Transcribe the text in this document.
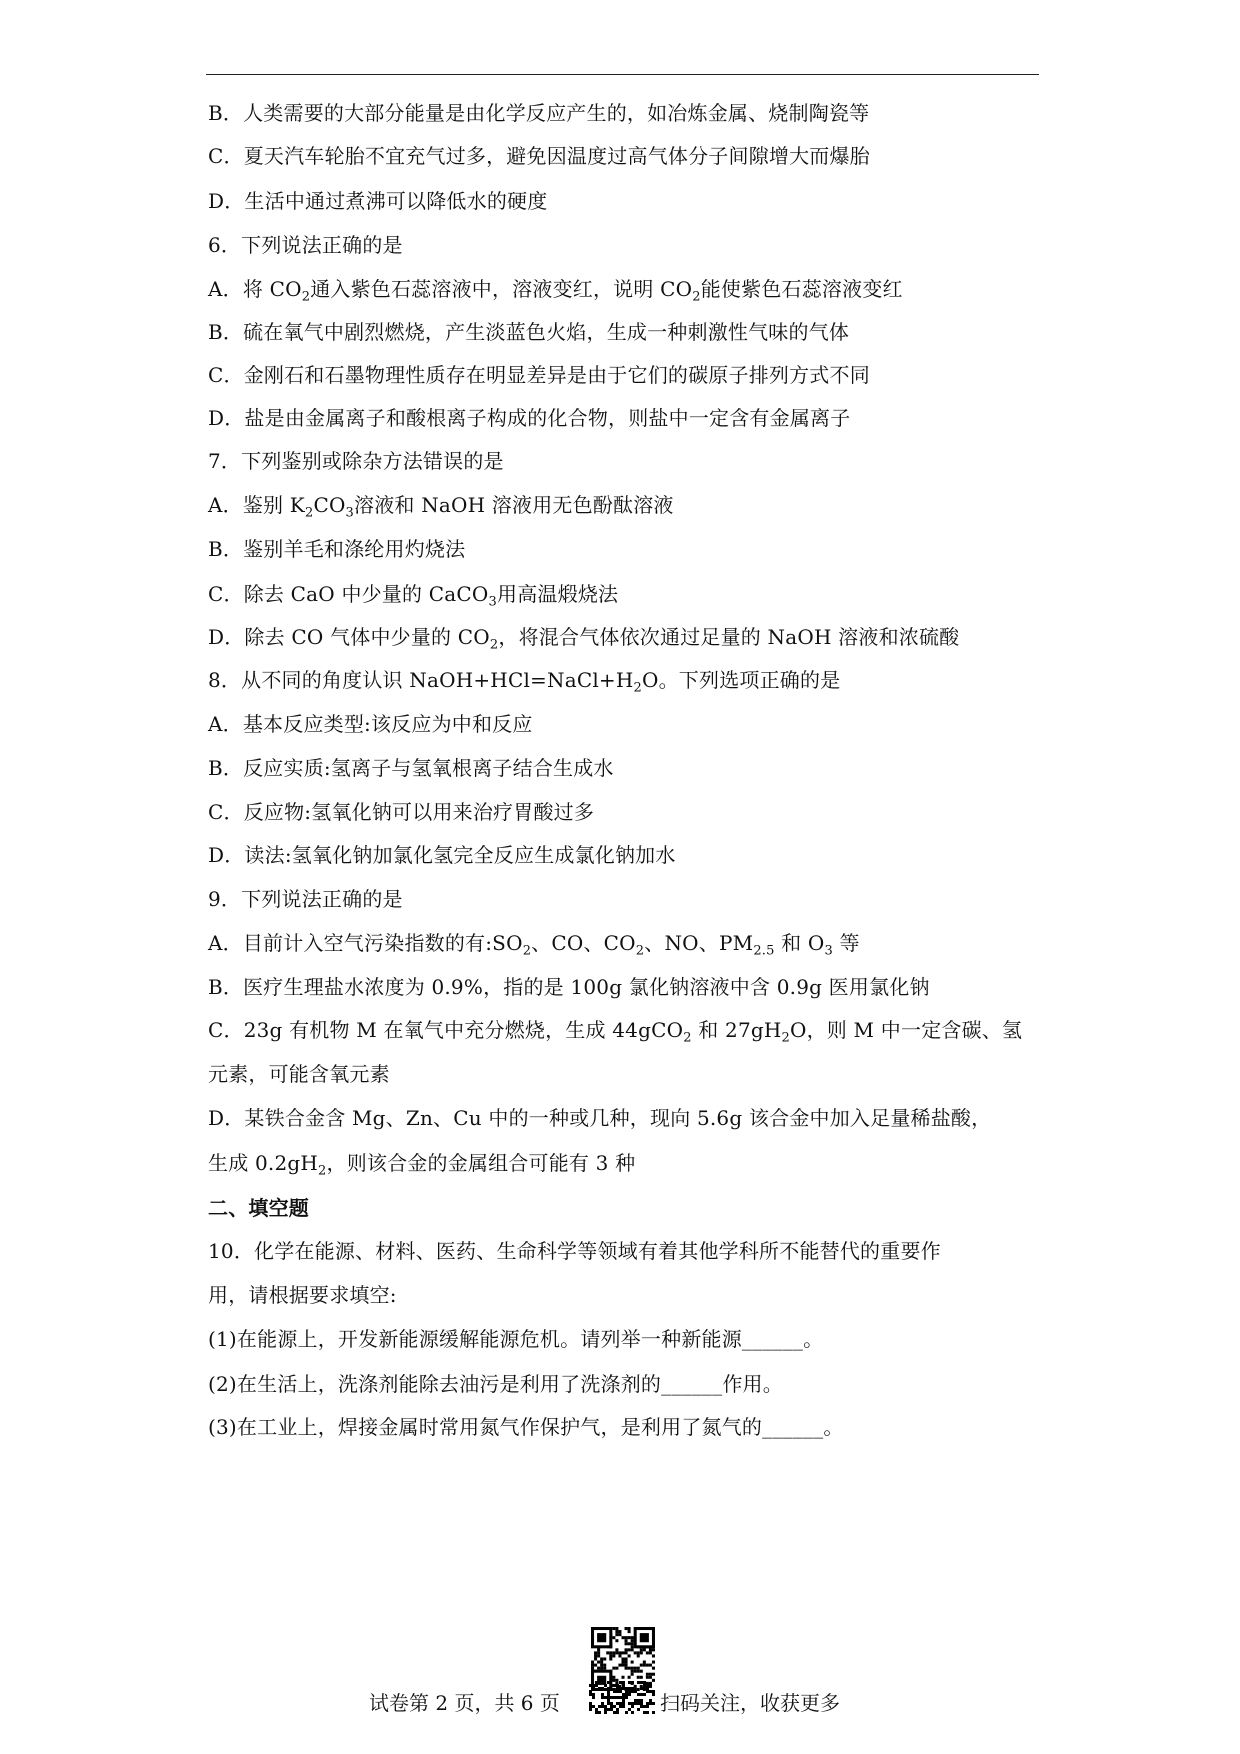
B．人类需要的大部分能量是由化学反应产生的，如冶炼金属、烧制陶瓷等
C．夏天汽车轮胎不宜充气过多，避免因温度过高气体分子间隙增大而爆胎
D．生活中通过煮沸可以降低水的硬度
6．下列说法正确的是
A．将 $CO_2$通入紫色石蕊溶液中，溶液变红，说明 $CO_2$能使紫色石蕊溶液变红
B．硫在氧气中剧烈燃烧，产生淡蓝色火焰，生成一种刺激性气味的气体
C．金刚石和石墨物理性质存在明显差异是由于它们的碳原子排列方式不同
D．盐是由金属离子和酸根离子构成的化合物，则盐中一定含有金属离子
7．下列鉴别或除杂方法错误的是
A．鉴别 $K_2CO_3$溶液和 NaOH 溶液用无色酚酞溶液
B．鉴别羊毛和涤纶用灼烧法
C．除去 CaO 中少量的 CaCO$_3$用高温煅烧法
D．除去 CO 气体中少量的 $CO_2$，将混合气体依次通过足量的 NaOH 溶液和浓硫酸
8．从不同的角度认识 $NaOH+HCl=NaCl+H_2O$。下列选项正确的是
A．基本反应类型:该反应为中和反应
B．反应实质:氢离子与氢氧根离子结合生成水
C．反应物:氢氧化钠可以用来治疗胃酸过多
D．读法:氢氧化钠加氯化氢完全反应生成氯化钠加水
9．下列说法正确的是
A．目前计入空气污染指数的有$:SO_2$、CO、$CO_2$、NO、$PM_{2.5}$ 和 $O_3$ 等
B．医疗生理盐水浓度为 0.9%，指的是 100g 氯化钠溶液中含 0.9g 医用氯化钠
C．23g 有机物 M 在氧气中充分燃烧，生成 44gCO$_2$ 和 $27gH_2O$，则 M 中一定含碳、氢
元素，可能含氧元素
D．某铁合金含 Mg、Zn、Cu 中的一种或几种，现向 5.6g 该合金中加入足量稀盐酸，
生成 $0.2gH_2$，则该合金的金属组合可能有 3 种
二、填空题
10．化学在能源、材料、医药、生命科学等领域有着其他学科所不能替代的重要作
用，请根据要求填空:
(1)在能源上，开发新能源缓解能源危机。请列举一种新能源______。
(2)在生活上，洗涤剂能除去油污是利用了洗涤剂的______作用。
(3)在工业上，焊接金属时常用氮气作保护气，是利用了氮气的______。
试卷第 2 页，共 6 页	扫码关注，收获更多
